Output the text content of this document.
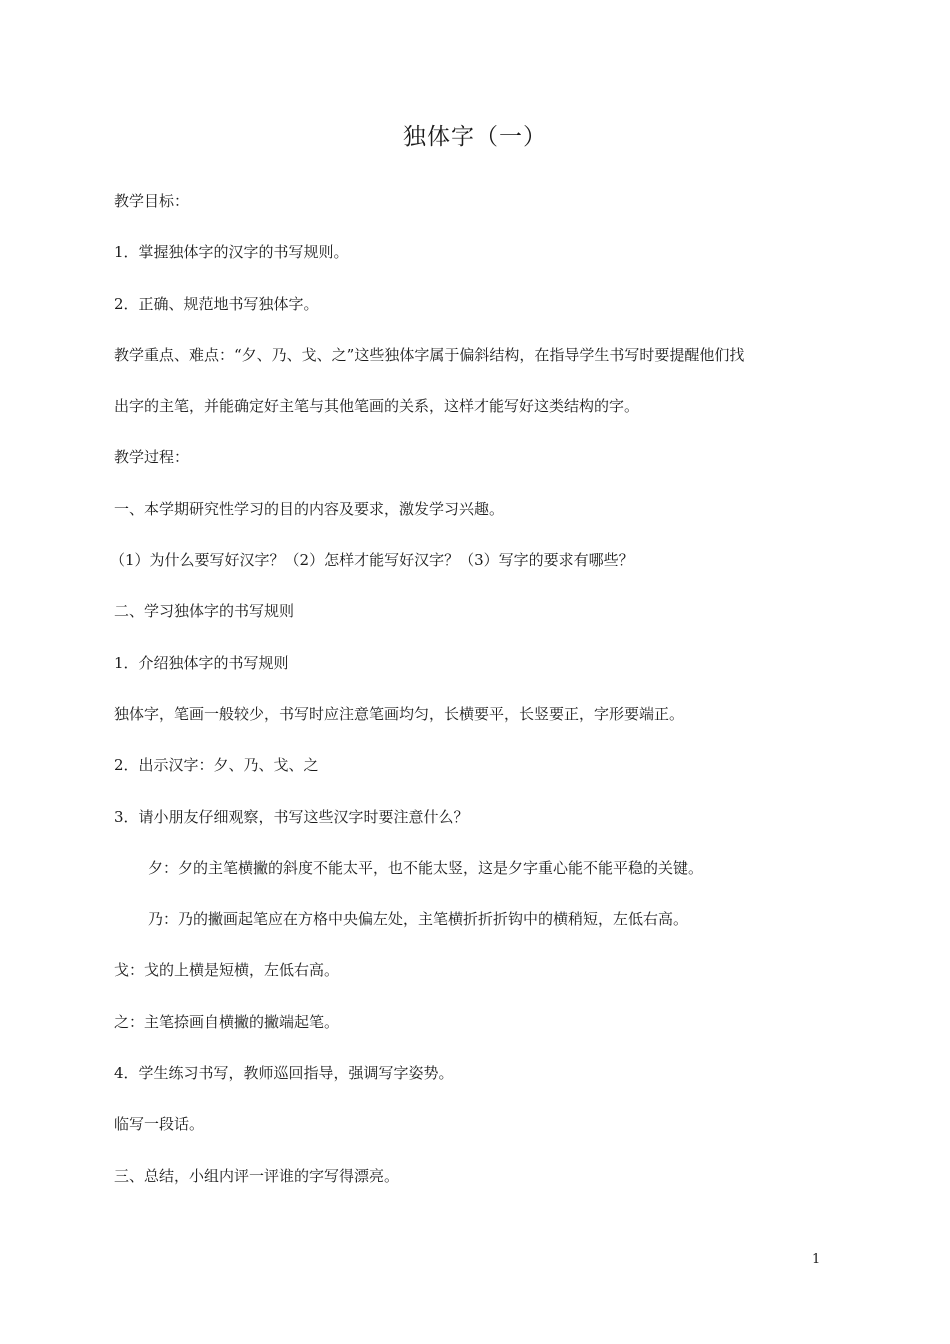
独体字（一）
教学目标：
1．掌握独体字的汉字的书写规则。
2．正确、规范地书写独体字。
教学重点、难点：“夕、乃、戈、之”这些独体字属于偏斜结构，在指导学生书写时要提醒他们找
出字的主笔，并能确定好主笔与其他笔画的关系，这样才能写好这类结构的字。
教学过程：
一、本学期研究性学习的目的内容及要求，激发学习兴趣。
（1）为什么要写好汉字？（2）怎样才能写好汉字？（3）写字的要求有哪些？
二、学习独体字的书写规则
1．介绍独体字的书写规则
独体字，笔画一般较少，书写时应注意笔画均匀，长横要平，长竖要正，字形要端正。
2．出示汉字：夕、乃、戈、之
3．请小朋友仔细观察，书写这些汉字时要注意什么？
夕：夕的主笔横撇的斜度不能太平，也不能太竖，这是夕字重心能不能平稳的关键。
乃：乃的撇画起笔应在方格中央偏左处，主笔横折折折钩中的横稍短，左低右高。
戈：戈的上横是短横，左低右高。
之：主笔捺画自横撇的撇端起笔。
4．学生练习书写，教师巡回指导，强调写字姿势。
临写一段话。
三、总结，小组内评一评谁的字写得漂亮。
1
